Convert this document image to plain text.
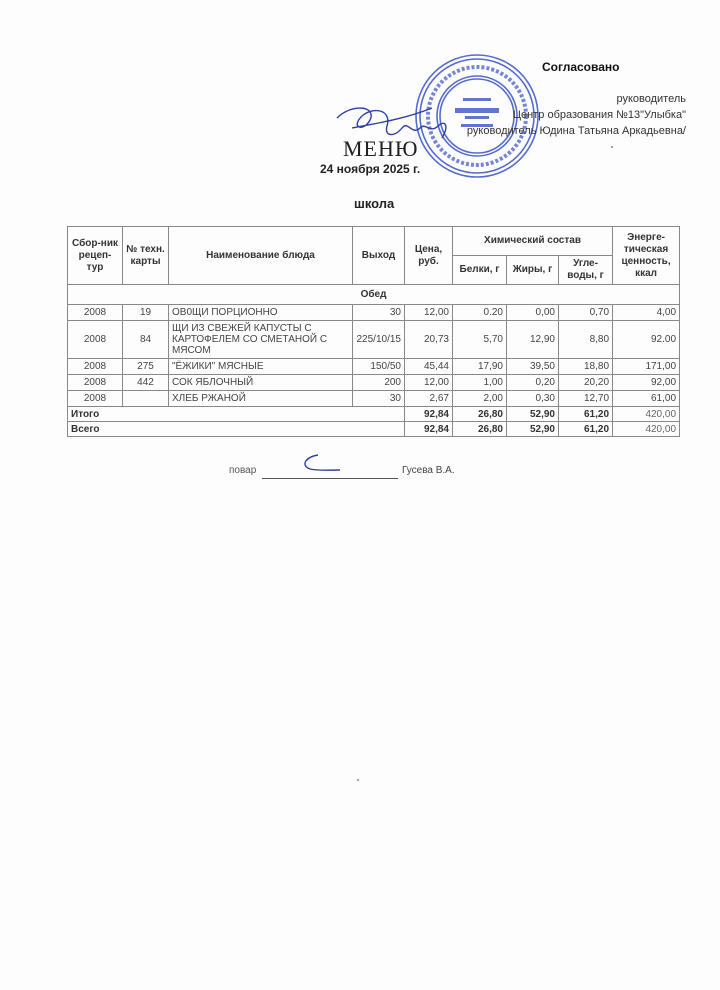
Согласовано
руководитель
Центр образования №13"Улыбка"
руководитель Юдина Татьяна Аркадьевна/
МЕНЮ
24 ноября 2025 г.
школа
Сбор-ник рецеп-тур	№ техн. карты	Наименование блюда	Выход	Цена, руб.	Химический состав			Энерге-тическая ценность, ккал
					Белки, г	Жиры, г	Угле-воды, г	
Обед								
2008	19	ОВ0ЩИ ПОРЦИОННО	30	12,00	0.20	0,00	0,70	4,00
2008	84	ЩИ ИЗ СВЕЖЕЙ КАПУСТЫ С КАРТОФЕЛЕМ СО СМЕТАНОЙ С МЯСОМ	225/10/15	20,73	5,70	12,90	8,80	92.00
2008	275	"ЁЖИКИ" МЯСНЫЕ	150/50	45,44	17,90	39,50	18,80	171,00
2008	442	СОК ЯБЛОЧНЫЙ	200	12,00	1,00	0,20	20,20	92,00
2008		ХЛЕБ РЖАНОЙ	30	2,67	2,00	0,30	12,70	61,00
Итого				92,84	26,80	52,90	61,20	420,00
Всего				92,84	26,80	52,90	61,20	420,00
повар	Гусева В.А.
